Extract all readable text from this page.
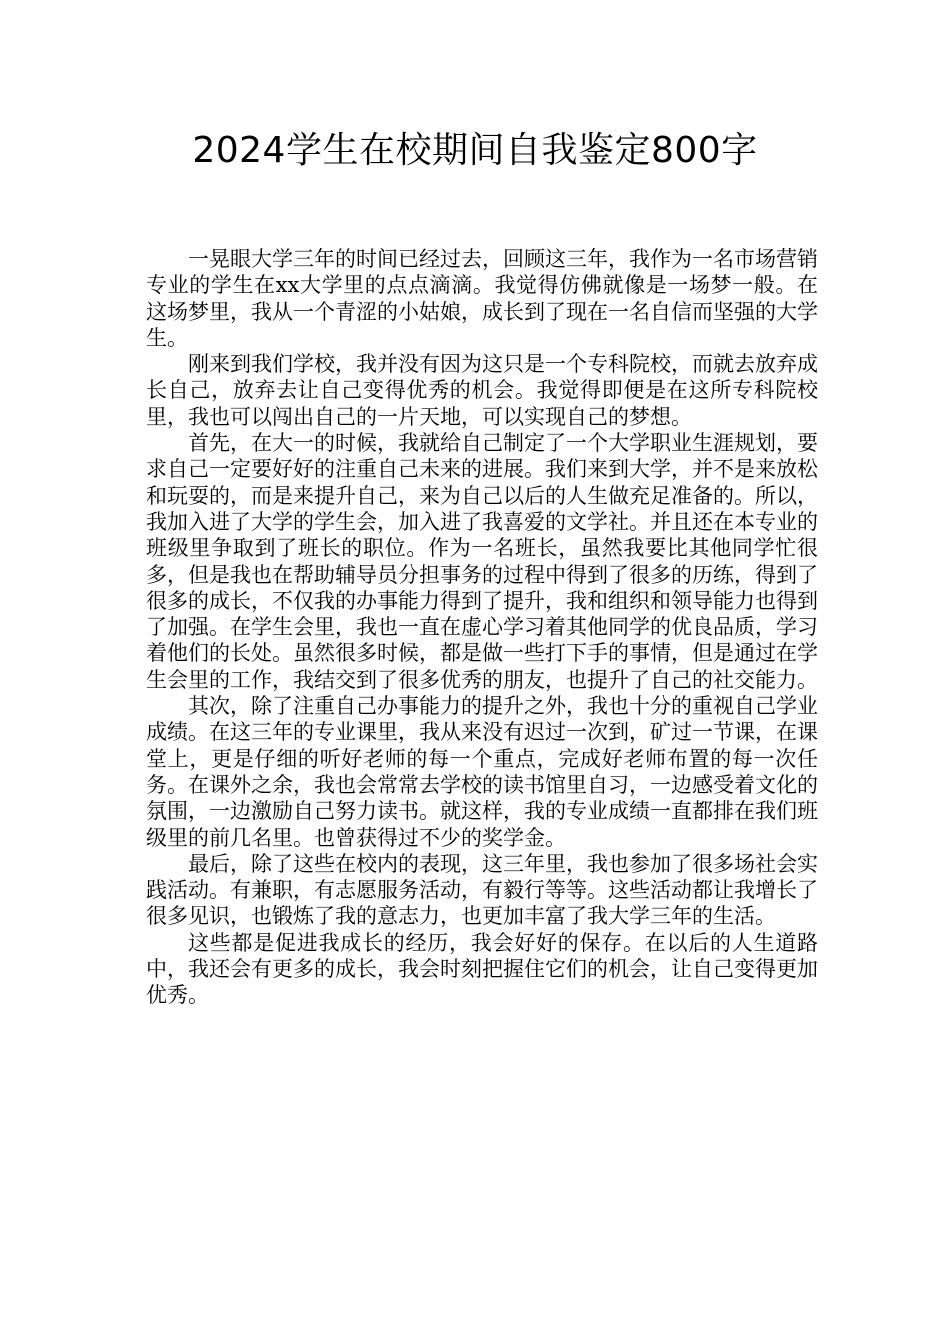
2024学生在校期间自我鉴定800字

一晃眼大学三年的时间已经过去，回顾这三年，我作为一名市场营销专业的学生在xx大学里的点点滴滴。我觉得仿佛就像是一场梦一般。在这场梦里，我从一个青涩的小姑娘，成长到了现在一名自信而坚强的大学生。

刚来到我们学校，我并没有因为这只是一个专科院校，而就去放弃成长自己，放弃去让自己变得优秀的机会。我觉得即便是在这所专科院校里，我也可以闯出自己的一片天地，可以实现自己的梦想。

首先，在大一的时候，我就给自己制定了一个大学职业生涯规划，要求自己一定要好好的注重自己未来的进展。我们来到大学，并不是来放松和玩耍的，而是来提升自己，来为自己以后的人生做充足准备的。所以，我加入进了大学的学生会，加入进了我喜爱的文学社。并且还在本专业的班级里争取到了班长的职位。作为一名班长，虽然我要比其他同学忙很多，但是我也在帮助辅导员分担事务的过程中得到了很多的历练，得到了很多的成长，不仅我的办事能力得到了提升，我和组织和领导能力也得到了加强。在学生会里，我也一直在虚心学习着其他同学的优良品质，学习着他们的长处。虽然很多时候，都是做一些打下手的事情，但是通过在学生会里的工作，我结交到了很多优秀的朋友，也提升了自己的社交能力。

其次，除了注重自己办事能力的提升之外，我也十分的重视自己学业成绩。在这三年的专业课里，我从来没有迟过一次到，矿过一节课，在课堂上，更是仔细的听好老师的每一个重点，完成好老师布置的每一次任务。在课外之余，我也会常常去学校的读书馆里自习，一边感受着文化的氛围，一边激励自己努力读书。就这样，我的专业成绩一直都排在我们班级里的前几名里。也曾获得过不少的奖学金。

最后，除了这些在校内的表现，这三年里，我也参加了很多场社会实践活动。有兼职，有志愿服务活动，有毅行等等。这些活动都让我增长了很多见识，也锻炼了我的意志力，也更加丰富了我大学三年的生活。

这些都是促进我成长的经历，我会好好的保存。在以后的人生道路中，我还会有更多的成长，我会时刻把握住它们的机会，让自己变得更加优秀。
